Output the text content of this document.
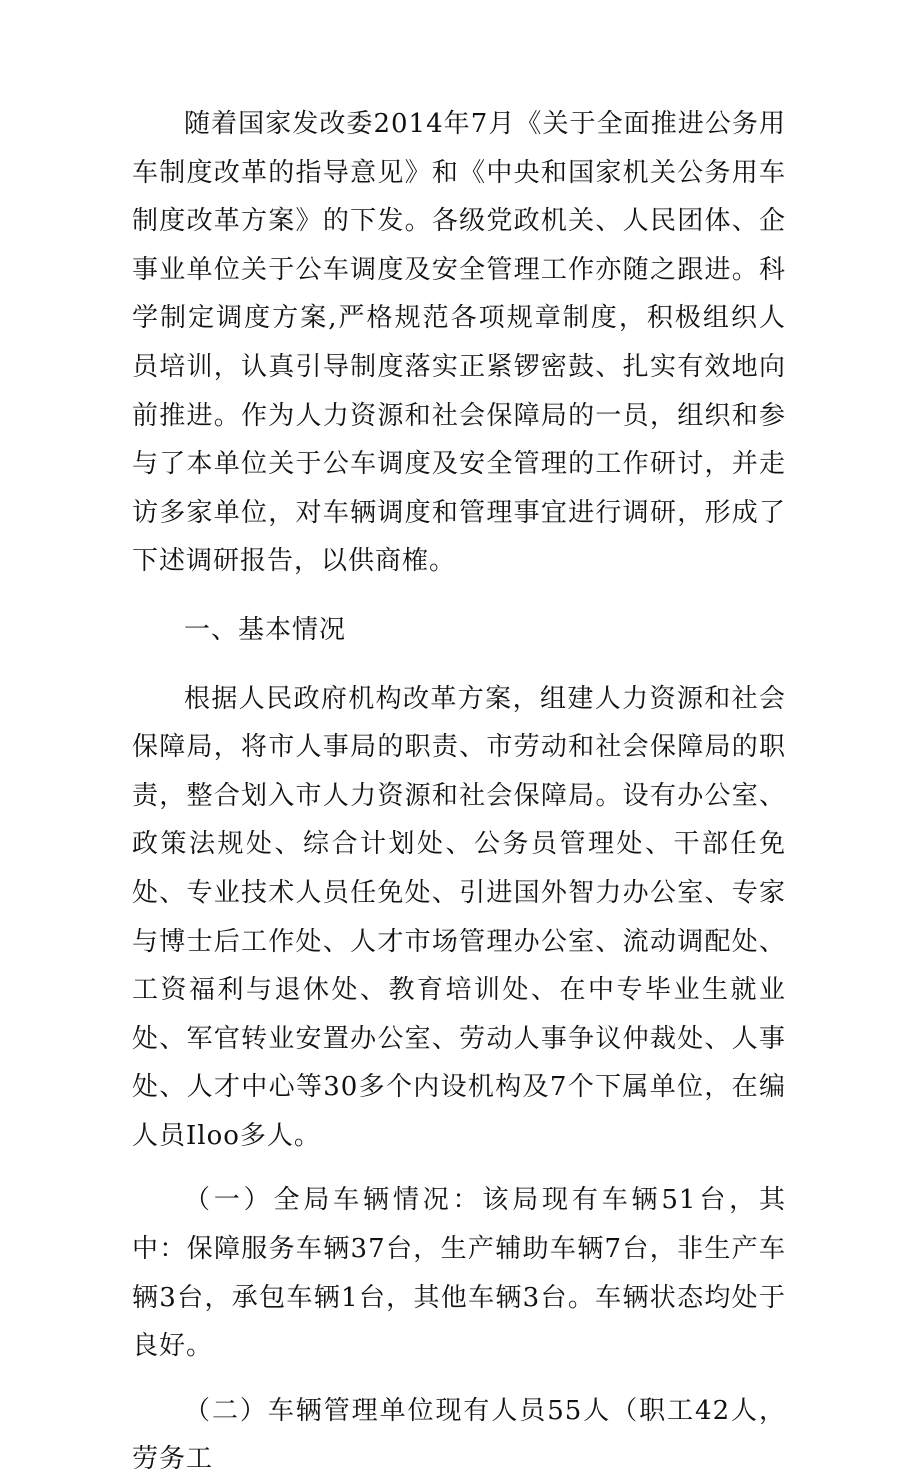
随着国家发改委2014年7月《关于全面推进公务用车制度改革的指导意见》和《中央和国家机关公务用车制度改革方案》的下发。各级党政机关、人民团体、企事业单位关于公车调度及安全管理工作亦随之跟进。科学制定调度方案,严格规范各项规章制度，积极组织人员培训，认真引导制度落实正紧锣密鼓、扎实有效地向前推进。作为人力资源和社会保障局的一员，组织和参与了本单位关于公车调度及安全管理的工作研讨，并走访多家单位，对车辆调度和管理事宜进行调研，形成了下述调研报告，以供商榷。

一、基本情况

根据人民政府机构改革方案，组建人力资源和社会保障局，将市人事局的职责、市劳动和社会保障局的职责，整合划入市人力资源和社会保障局。设有办公室、政策法规处、综合计划处、公务员管理处、干部任免处、专业技术人员任免处、引进国外智力办公室、专家与博士后工作处、人才市场管理办公室、流动调配处、工资福利与退休处、教育培训处、在中专毕业生就业处、军官转业安置办公室、劳动人事争议仲裁处、人事处、人才中心等30多个内设机构及7个下属单位，在编人员Iloo多人。

（一）全局车辆情况：该局现有车辆51台，其中：保障服务车辆37台，生产辅助车辆7台，非生产车辆3台，承包车辆1台，其他车辆3台。车辆状态均处于良好。

（二）车辆管理单位现有人员55人（职工42人，劳务工
